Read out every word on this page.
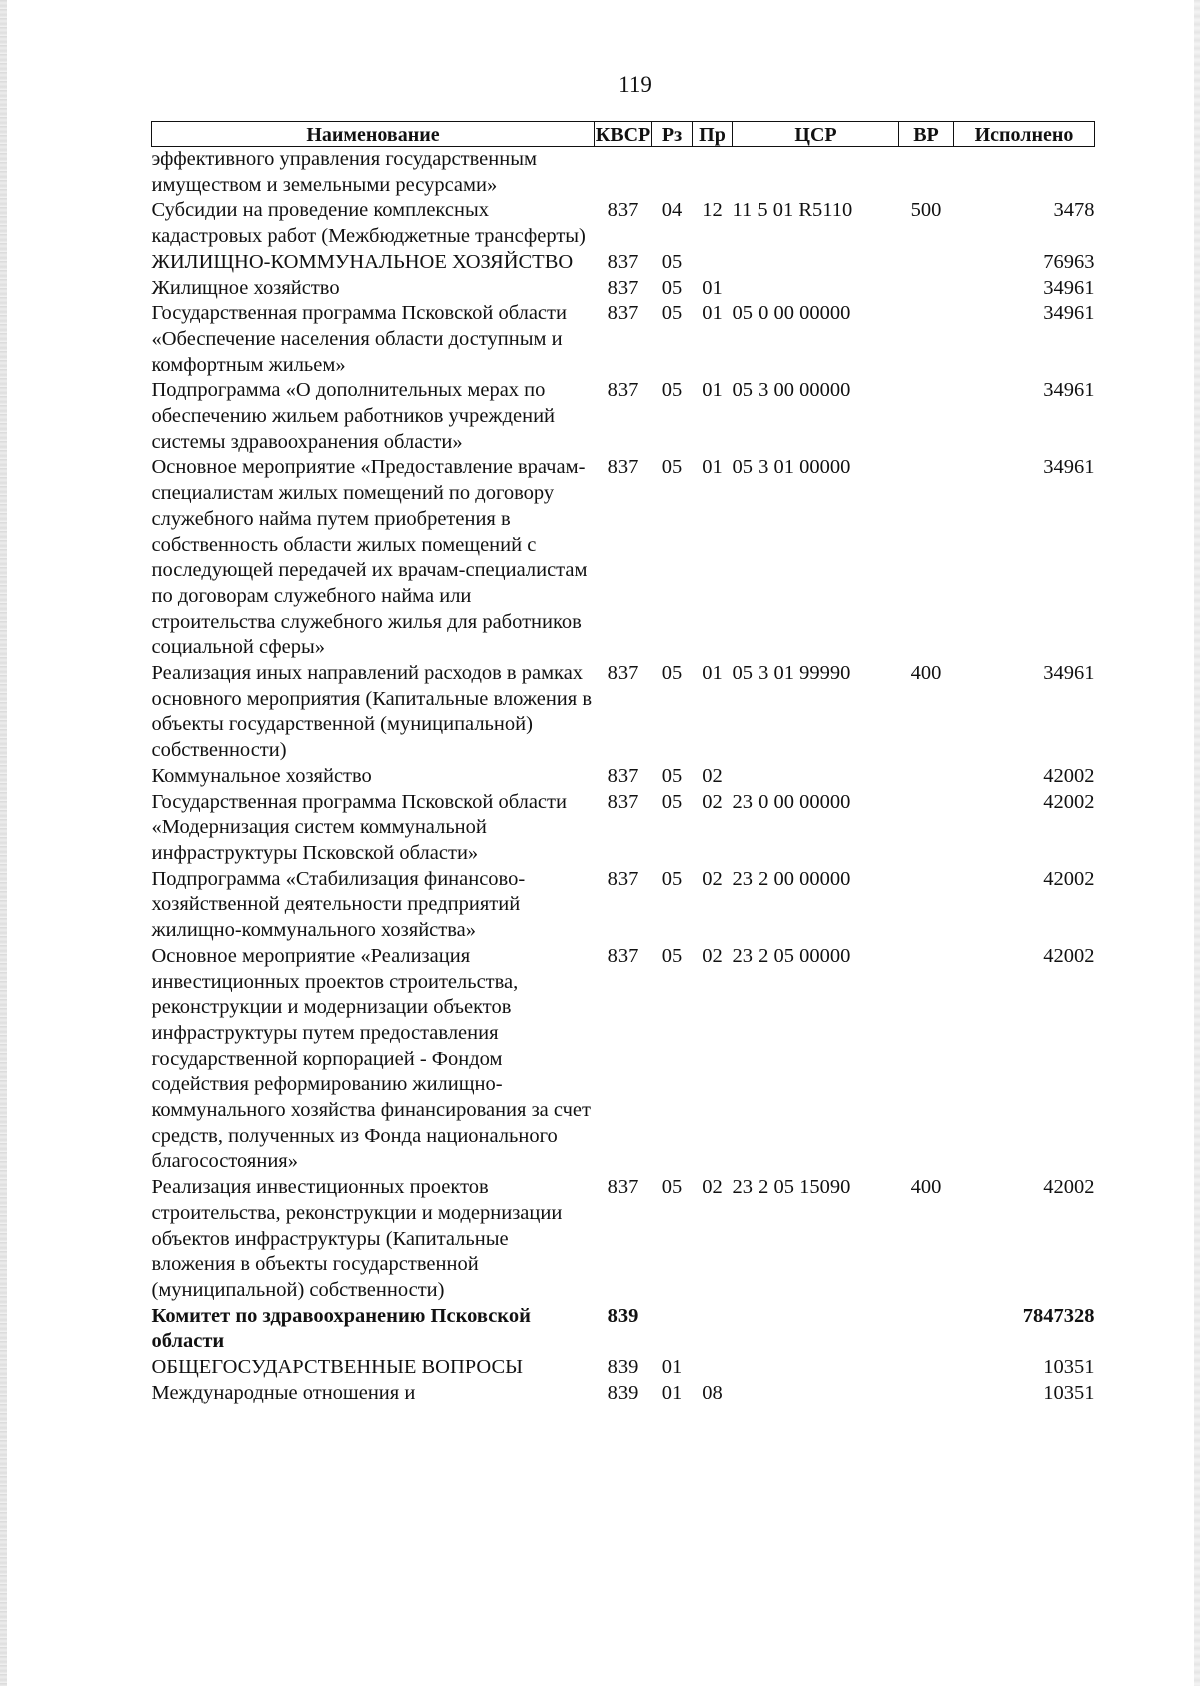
119
Наименование	КВСР	Рз	Пр	ЦСР	ВР	Исполнено
эффективного управления государственным имуществом и земельными ресурсами»						
Субсидии на проведение комплексных кадастровых работ (Межбюджетные трансферты)	837	04	12	11 5 01 R5110	500	3478
ЖИЛИЩНО-КОММУНАЛЬНОЕ ХОЗЯЙСТВО	837	05				76963
Жилищное хозяйство	837	05	01			34961
Государственная программа Псковской области «Обеспечение населения области доступным и комфортным жильем»	837	05	01	05 0 00 00000		34961
Подпрограмма «О дополнительных мерах по обеспечению жильем работников учреждений системы здравоохранения области»	837	05	01	05 3 00 00000		34961
Основное мероприятие «Предоставление врачам-специалистам жилых помещений по договору служебного найма путем приобретения в собственность области жилых помещений с последующей передачей их врачам-специалистам по договорам служебного найма или строительства служебного жилья для работников социальной сферы»	837	05	01	05 3 01 00000		34961
Реализация иных направлений расходов в рамках основного мероприятия (Капитальные вложения в объекты государственной (муниципальной) собственности)	837	05	01	05 3 01 99990	400	34961
Коммунальное хозяйство	837	05	02			42002
Государственная программа Псковской области «Модернизация систем коммунальной инфраструктуры Псковской области»	837	05	02	23 0 00 00000		42002
Подпрограмма «Стабилизация финансово-хозяйственной деятельности предприятий жилищно-коммунального хозяйства»	837	05	02	23 2 00 00000		42002
Основное мероприятие «Реализация инвестиционных проектов строительства, реконструкции и модернизации объектов инфраструктуры путем предоставления государственной корпорацией - Фондом содействия реформированию жилищно-коммунального хозяйства финансирования за счет средств, полученных из Фонда национального благосостояния»	837	05	02	23 2 05 00000		42002
Реализация инвестиционных проектов строительства, реконструкции и модернизации объектов инфраструктуры (Капитальные вложения в объекты государственной (муниципальной) собственности)	837	05	02	23 2 05 15090	400	42002
Комитет по здравоохранению Псковской области	839					7847328
ОБЩЕГОСУДАРСТВЕННЫЕ ВОПРОСЫ	839	01				10351
Международные отношения и	839	01	08			10351
